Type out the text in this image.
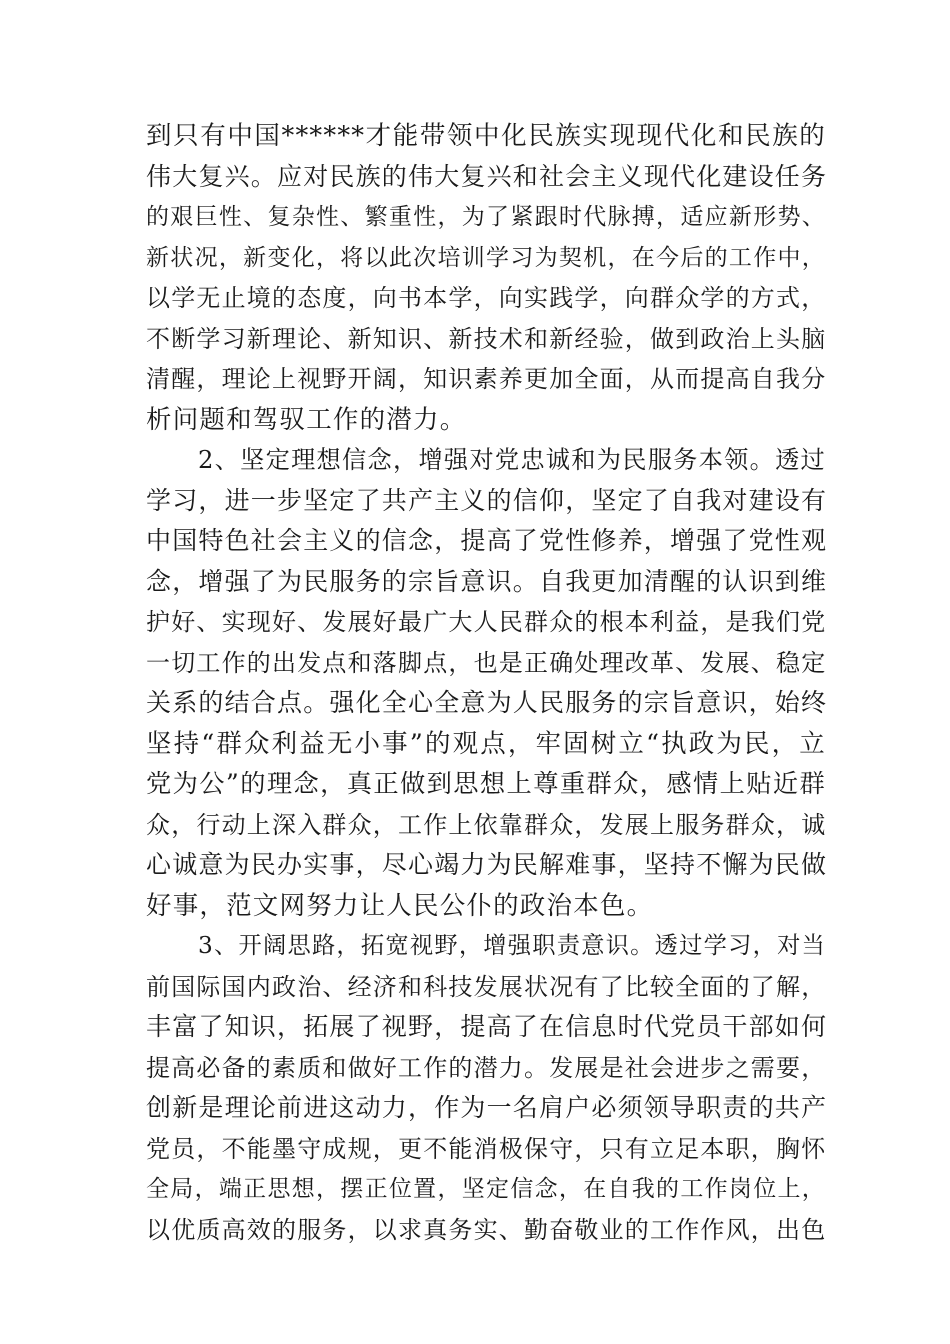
到只有中国******才能带领中化民族实现现代化和民族的
伟大复兴。应对民族的伟大复兴和社会主义现代化建设任务
的艰巨性、复杂性、繁重性，为了紧跟时代脉搏，适应新形势、
新状况，新变化，将以此次培训学习为契机，在今后的工作中，
以学无止境的态度，向书本学，向实践学，向群众学的方式，
不断学习新理论、新知识、新技术和新经验，做到政治上头脑
清醒，理论上视野开阔，知识素养更加全面，从而提高自我分
析问题和驾驭工作的潜力。
2、坚定理想信念，增强对党忠诚和为民服务本领。透过
学习，进一步坚定了共产主义的信仰，坚定了自我对建设有
中国特色社会主义的信念，提高了党性修养，增强了党性观
念，增强了为民服务的宗旨意识。自我更加清醒的认识到维
护好、实现好、发展好最广大人民群众的根本利益，是我们党
一切工作的出发点和落脚点，也是正确处理改革、发展、稳定
关系的结合点。强化全心全意为人民服务的宗旨意识，始终
坚持“群众利益无小事”的观点，牢固树立“执政为民，立
党为公”的理念，真正做到思想上尊重群众，感情上贴近群
众，行动上深入群众，工作上依靠群众，发展上服务群众，诚
心诚意为民办实事，尽心竭力为民解难事，坚持不懈为民做
好事，范文网努力让人民公仆的政治本色。
3、开阔思路，拓宽视野，增强职责意识。透过学习，对当
前国际国内政治、经济和科技发展状况有了比较全面的了解，
丰富了知识，拓展了视野，提高了在信息时代党员干部如何
提高必备的素质和做好工作的潜力。发展是社会进步之需要，
创新是理论前进这动力，作为一名肩户必须领导职责的共产
党员，不能墨守成规，更不能消极保守，只有立足本职，胸怀
全局，端正思想，摆正位置，坚定信念，在自我的工作岗位上，
以优质高效的服务，以求真务实、勤奋敬业的工作作风，出色
